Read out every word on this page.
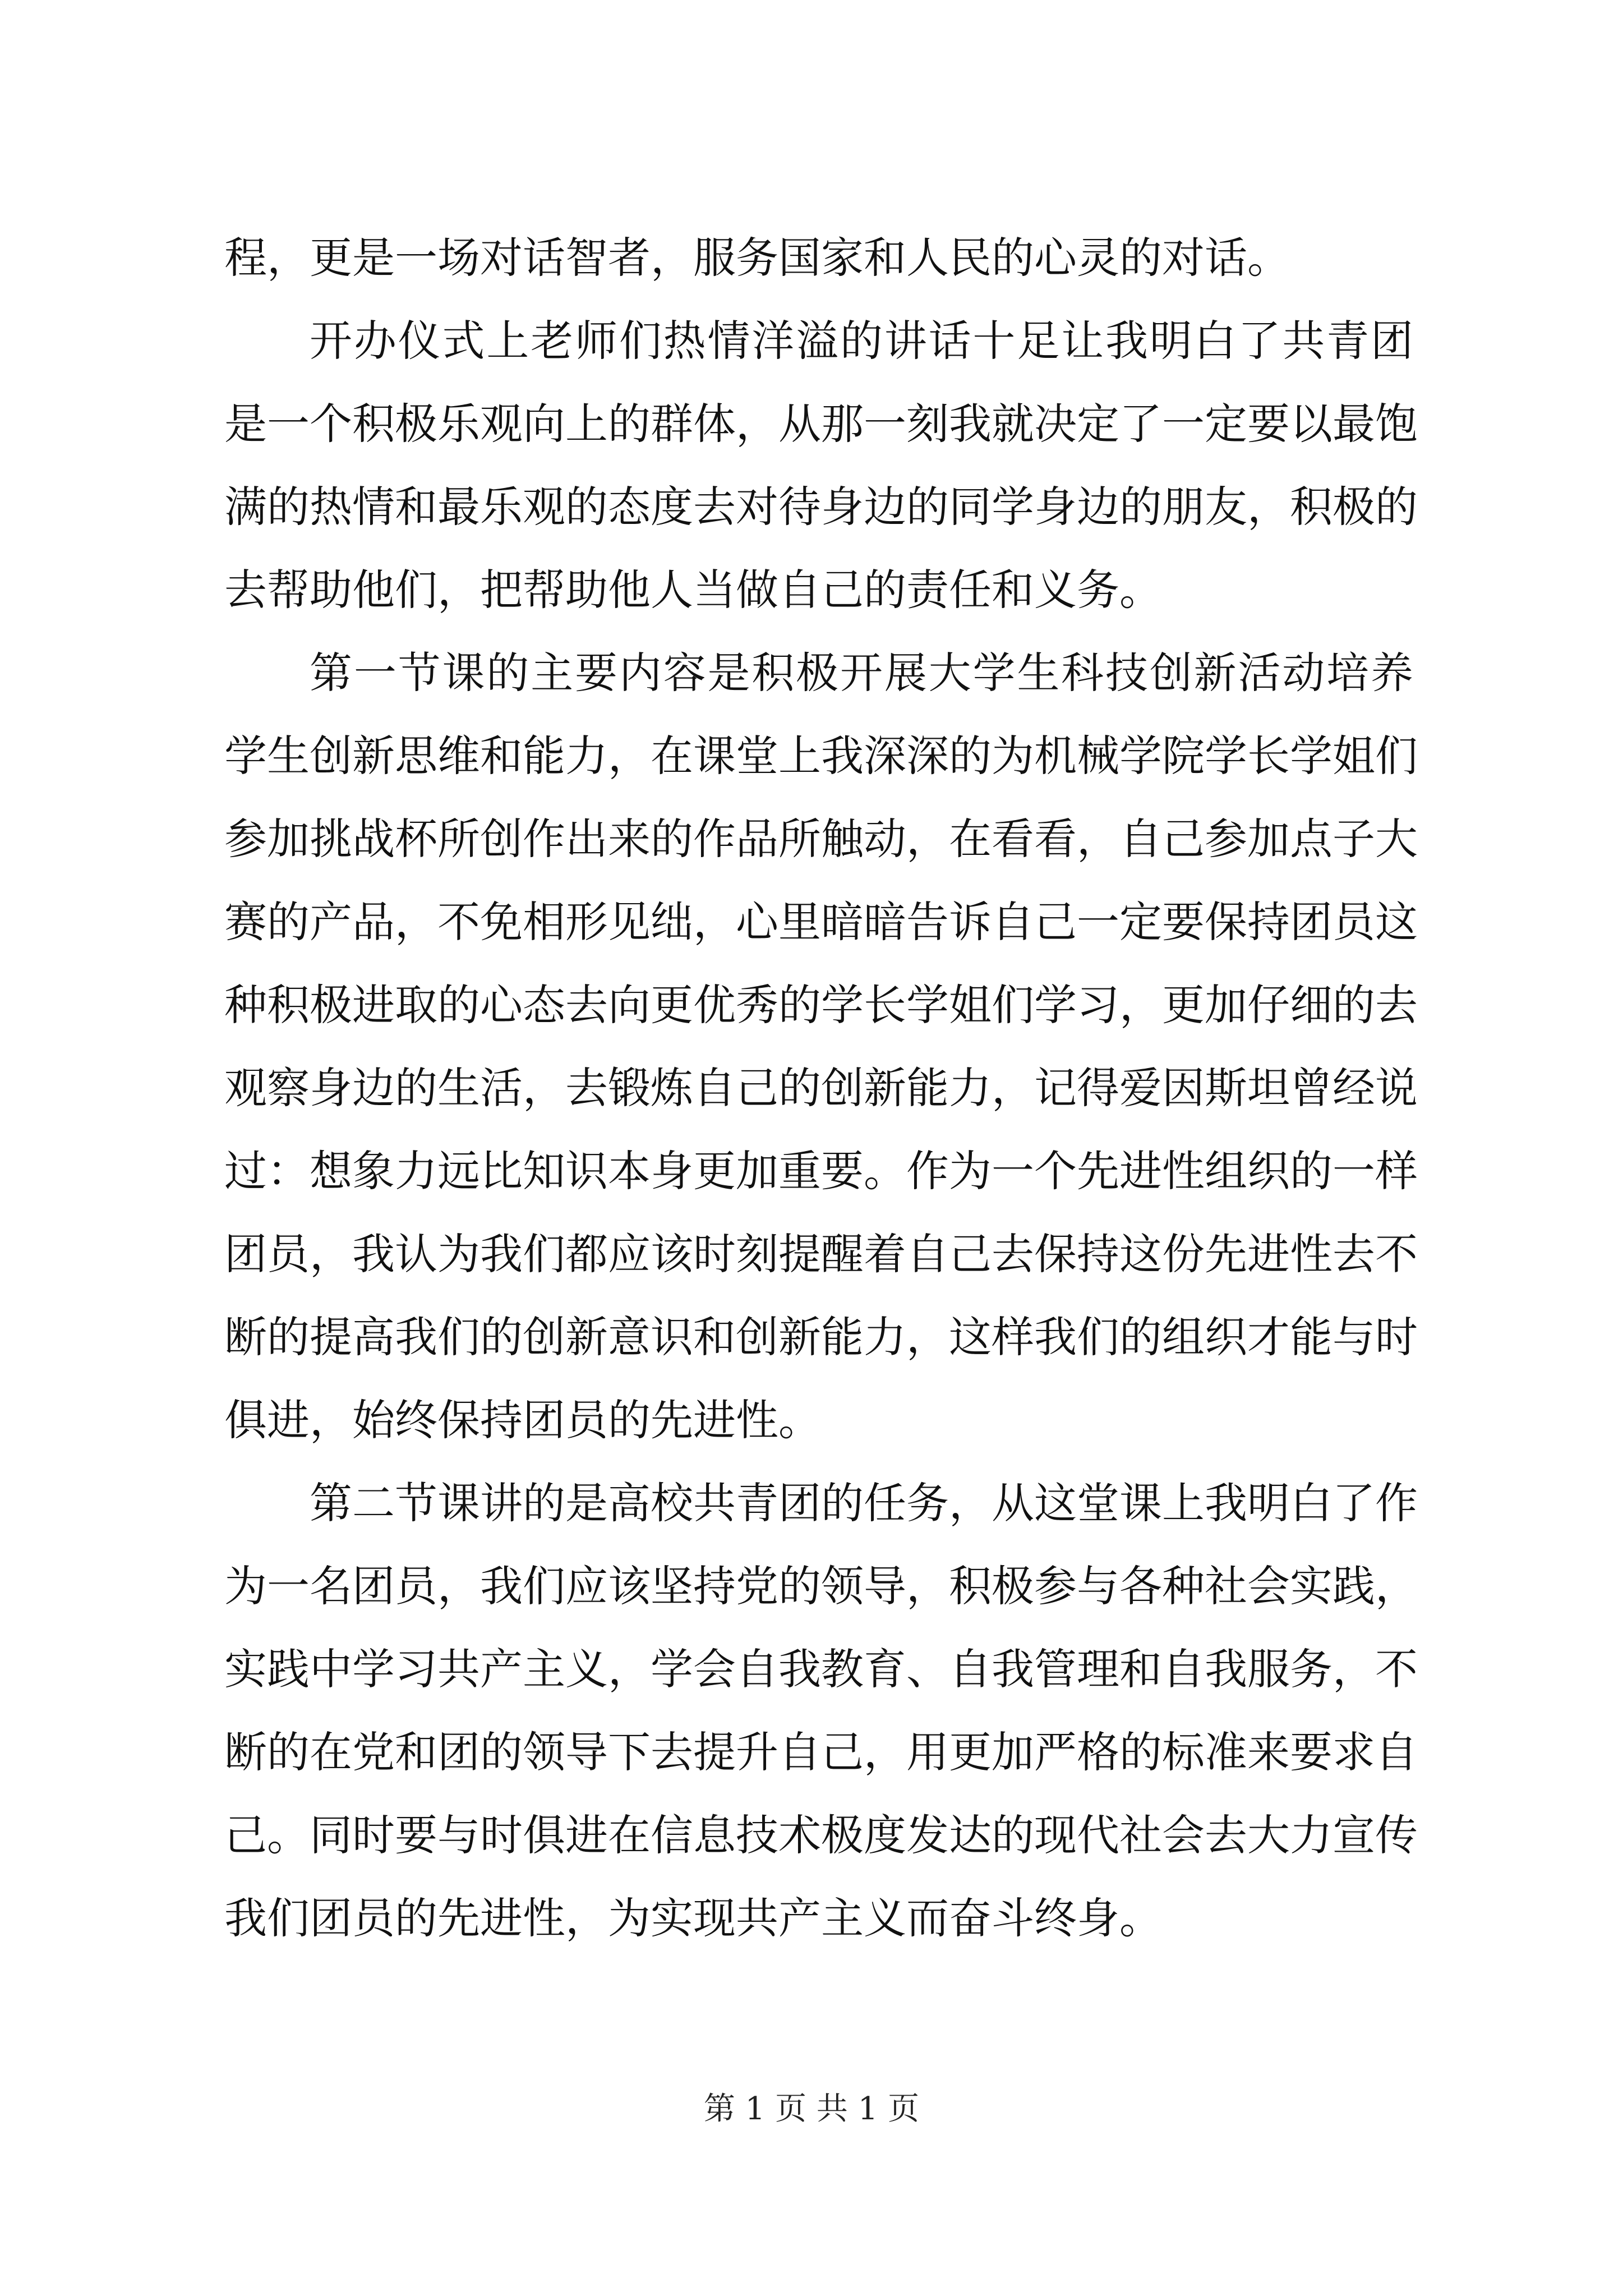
程，更是一场对话智者，服务国家和人民的心灵的对话。
开办仪式上老师们热情洋溢的讲话十足让我明白了共青团
是一个积极乐观向上的群体，从那一刻我就决定了一定要以最饱
满的热情和最乐观的态度去对待身边的同学身边的朋友，积极的
去帮助他们，把帮助他人当做自己的责任和义务。
第一节课的主要内容是积极开展大学生科技创新活动培养
学生创新思维和能力，在课堂上我深深的为机械学院学长学姐们
参加挑战杯所创作出来的作品所触动，在看看，自己参加点子大
赛的产品，不免相形见绌，心里暗暗告诉自己一定要保持团员这
种积极进取的心态去向更优秀的学长学姐们学习，更加仔细的去
观察身边的生活，去锻炼自己的创新能力，记得爱因斯坦曾经说
过：想象力远比知识本身更加重要。作为一个先进性组织的一样
团员，我认为我们都应该时刻提醒着自己去保持这份先进性去不
断的提高我们的创新意识和创新能力，这样我们的组织才能与时
俱进，始终保持团员的先进性。
第二节课讲的是高校共青团的任务，从这堂课上我明白了作
为一名团员，我们应该坚持党的领导，积极参与各种社会实践，
实践中学习共产主义，学会自我教育、自我管理和自我服务，不
断的在党和团的领导下去提升自己，用更加严格的标准来要求自
己。同时要与时俱进在信息技术极度发达的现代社会去大力宣传
我们团员的先进性，为实现共产主义而奋斗终身。
第 1 页 共 1 页
